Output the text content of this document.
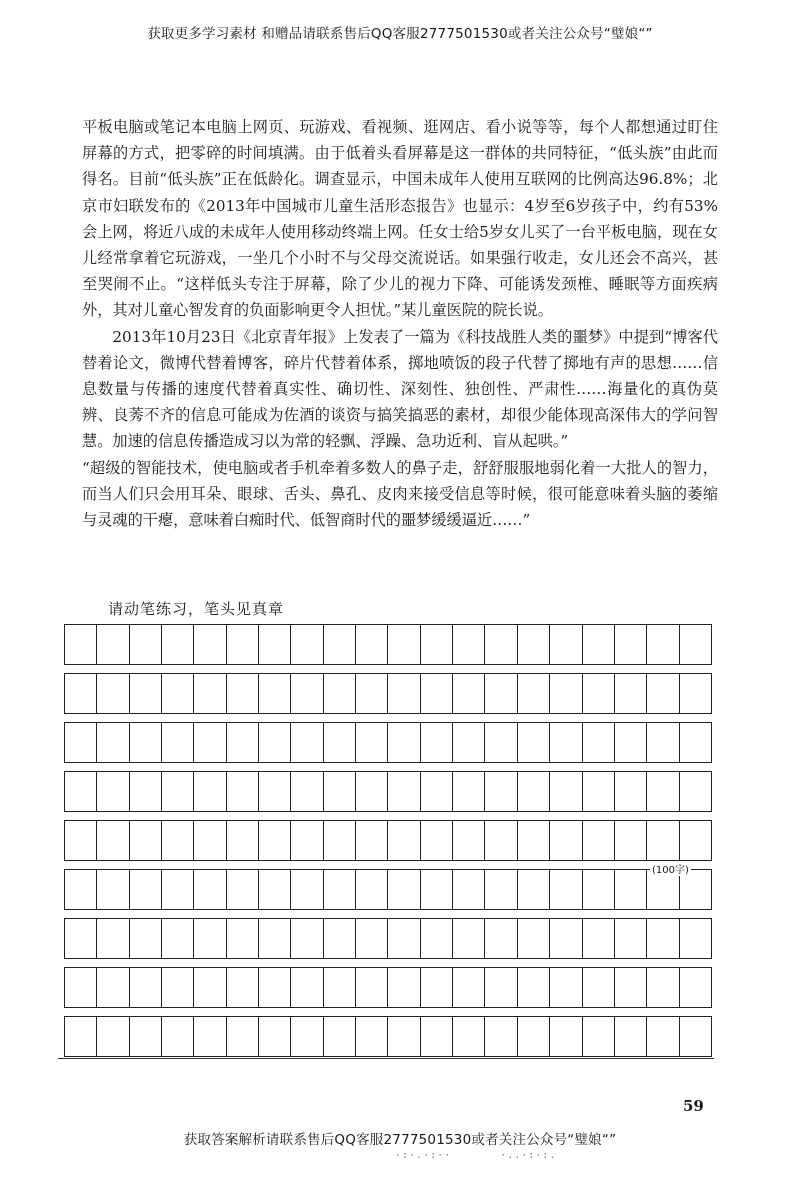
获取更多学习素材 和赠品请联系售后QQ客服2777501530或者关注公众号“璧娘“”

平板电脑或笔记本电脑上网页、玩游戏、看视频、逛网店、看小说等等，每个人都想通过盯住屏幕的方式，把零碎的时间填满。由于低着头看屏幕是这一群体的共同特征，“低头族”由此而得名。目前“低头族”正在低龄化。调查显示，中国未成年人使用互联网的比例高达96.8%；北京市妇联发布的《2013年中国城市儿童生活形态报告》也显示：4岁至6岁孩子中，约有53%会上网，将近八成的未成年人使用移动终端上网。任女士给5岁女儿买了一台平板电脑，现在女儿经常拿着它玩游戏，一坐几个小时不与父母交流说话。如果强行收走，女儿还会不高兴，甚至哭闹不止。“这样低头专注于屏幕，除了少儿的视力下降、可能诱发颈椎、睡眠等方面疾病外，其对儿童心智发育的负面影响更令人担忧。”某儿童医院的院长说。

2013年10月23日《北京青年报》上发表了一篇为《科技战胜人类的噩梦》中提到“博客代替着论文，微博代替着博客，碎片代替着体系，掷地喷饭的段子代替了掷地有声的思想……信息数量与传播的速度代替着真实性、确切性、深刻性、独创性、严肃性……海量化的真伪莫辨、良莠不齐的信息可能成为佐酒的谈资与搞笑搞恶的素材，却很少能体现高深伟大的学问智慧。加速的信息传播造成习以为常的轻飘、浮躁、急功近利、盲从起哄。”

“超级的智能技术，使电脑或者手机牵着多数人的鼻子走，舒舒服服地弱化着一大批人的智力，而当人们只会用耳朵、眼球、舌头、鼻孔、皮肉来接受信息等时候，很可能意味着头脑的萎缩与灵魂的干瘪，意味着白痴时代、低智商时代的噩梦缓缓逼近……”

请动笔练习，笔头见真章
(100字)
59
获取答案解析请联系售后QQ客服2777501530或者关注公众号“璧娘“”
·:·.·:··       ·..·:·:.
